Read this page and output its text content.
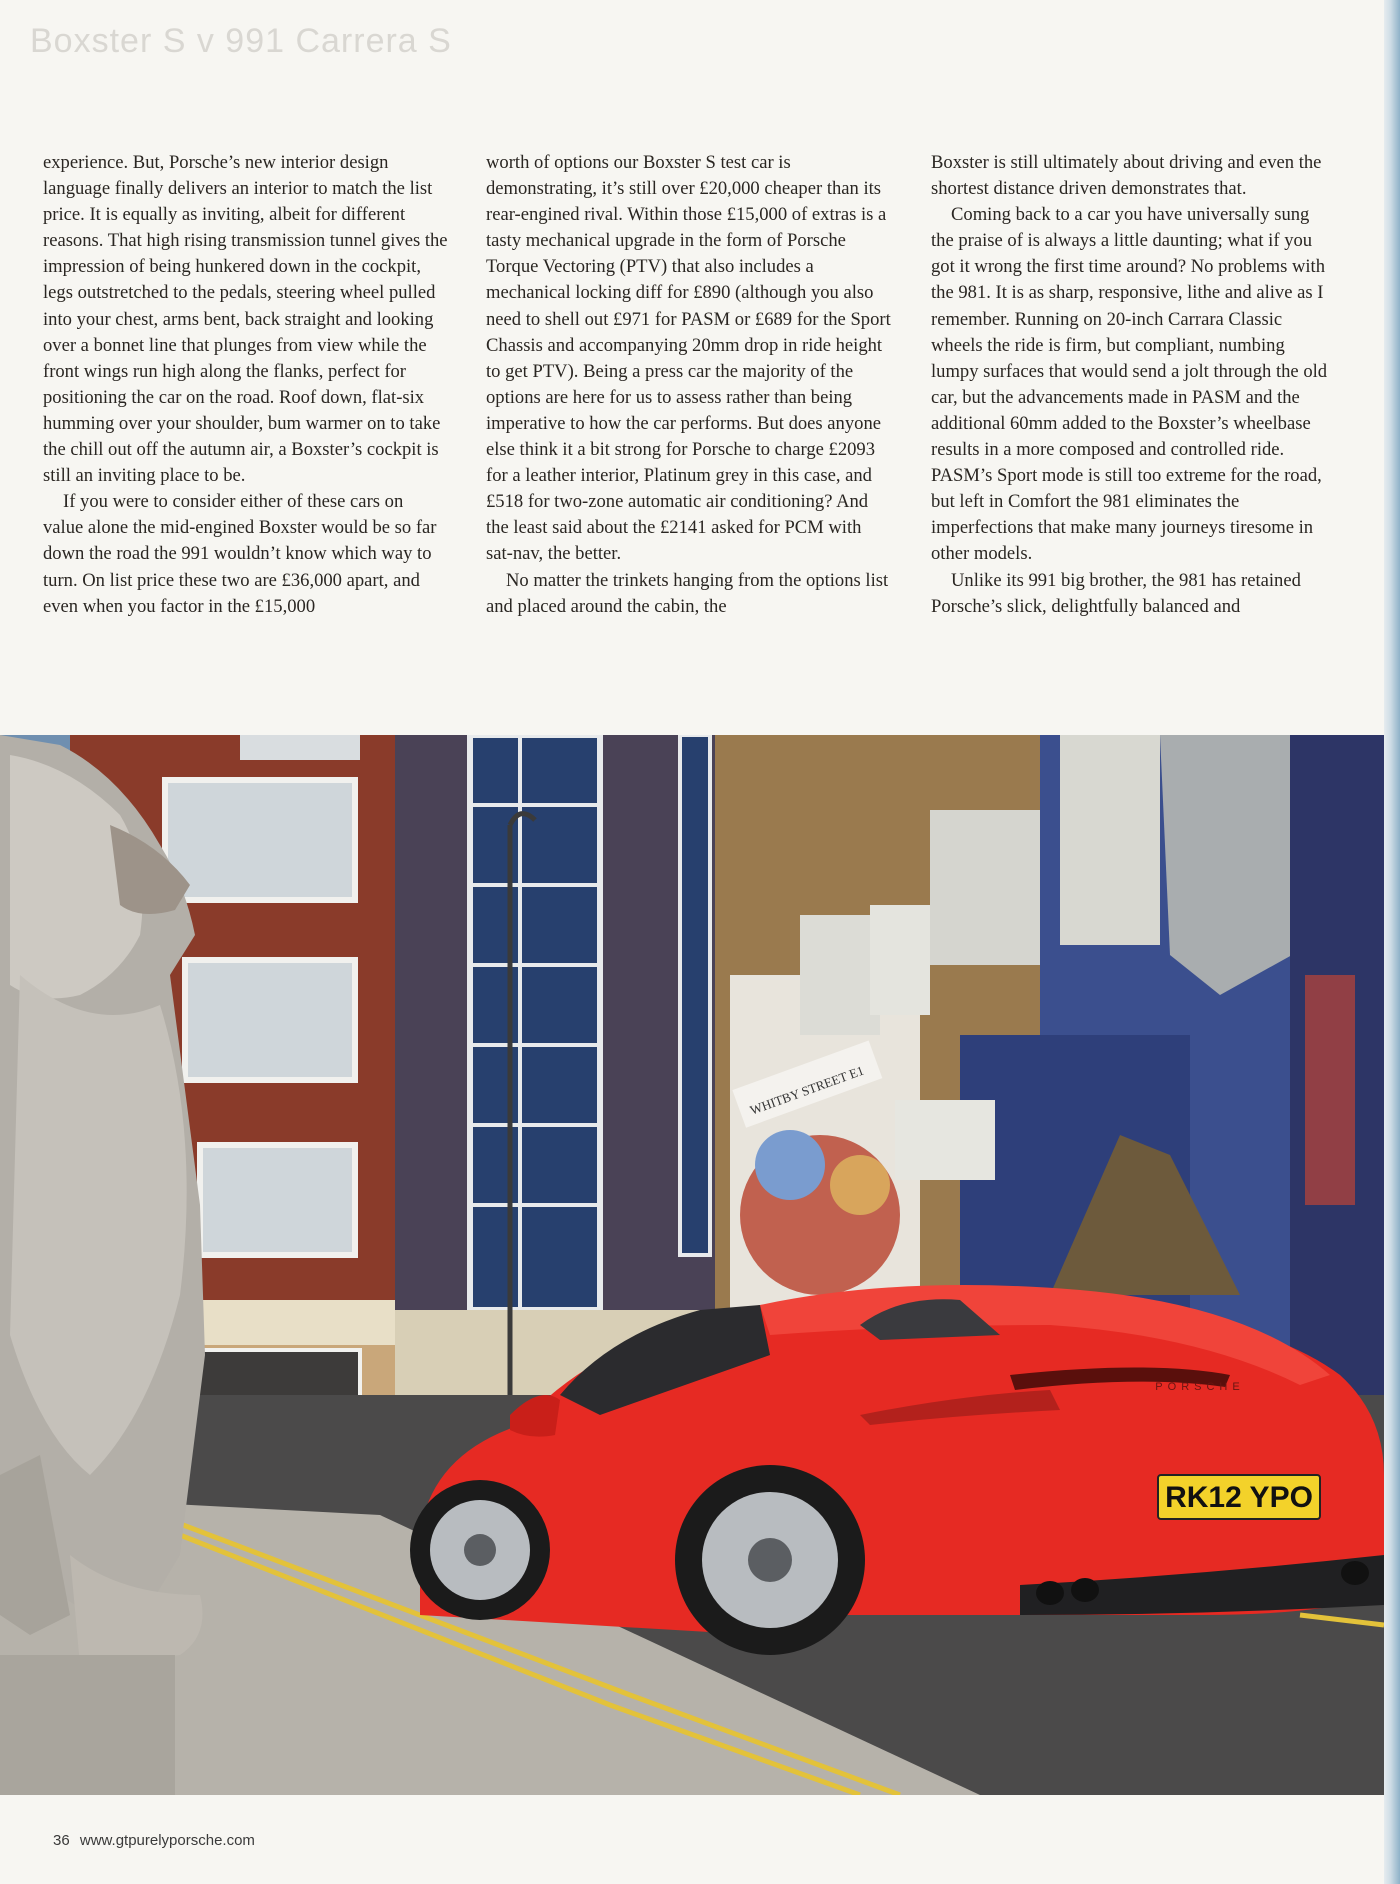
Boxster S v 991 Carrera S

experience. But, Porsche’s new interior design language finally delivers an interior to match the list price. It is equally as inviting, albeit for different reasons. That high rising transmission tunnel gives the impression of being hunkered down in the cockpit, legs outstretched to the pedals, steering wheel pulled into your chest, arms bent, back straight and looking over a bonnet line that plunges from view while the front wings run high along the flanks, perfect for positioning the car on the road. Roof down, flat-six humming over your shoulder, bum warmer on to take the chill out off the autumn air, a Boxster’s cockpit is still an inviting place to be.

If you were to consider either of these cars on value alone the mid-engined Boxster would be so far down the road the 991 wouldn’t know which way to turn. On list price these two are £36,000 apart, and even when you factor in the £15,000

worth of options our Boxster S test car is demonstrating, it’s still over £20,000 cheaper than its rear-engined rival. Within those £15,000 of extras is a tasty mechanical upgrade in the form of Porsche Torque Vectoring (PTV) that also includes a mechanical locking diff for £890 (although you also need to shell out £971 for PASM or £689 for the Sport Chassis and accompanying 20mm drop in ride height to get PTV). Being a press car the majority of the options are here for us to assess rather than being imperative to how the car performs. But does anyone else think it a bit strong for Porsche to charge £2093 for a leather interior, Platinum grey in this case, and £518 for two-zone automatic air conditioning? And the least said about the £2141 asked for PCM with sat-nav, the better.

No matter the trinkets hanging from the options list and placed around the cabin, the

Boxster is still ultimately about driving and even the shortest distance driven demonstrates that.

Coming back to a car you have universally sung the praise of is always a little daunting; what if you got it wrong the first time around? No problems with the 981. It is as sharp, responsive, lithe and alive as I remember. Running on 20-inch Carrara Classic wheels the ride is firm, but compliant, numbing lumpy surfaces that would send a jolt through the old car, but the advancements made in PASM and the additional 60mm added to the Boxster’s wheelbase results in a more composed and controlled ride. PASM’s Sport mode is still too extreme for the road, but left in Comfort the 981 eliminates the imperfections that make many journeys tiresome in other models.

Unlike its 991 big brother, the 981 has retained Porsche’s slick, delightfully balanced and

WHITBY STREET E1
RK12 YPO
PORSCHE
36 www.gtpurelyporsche.com
